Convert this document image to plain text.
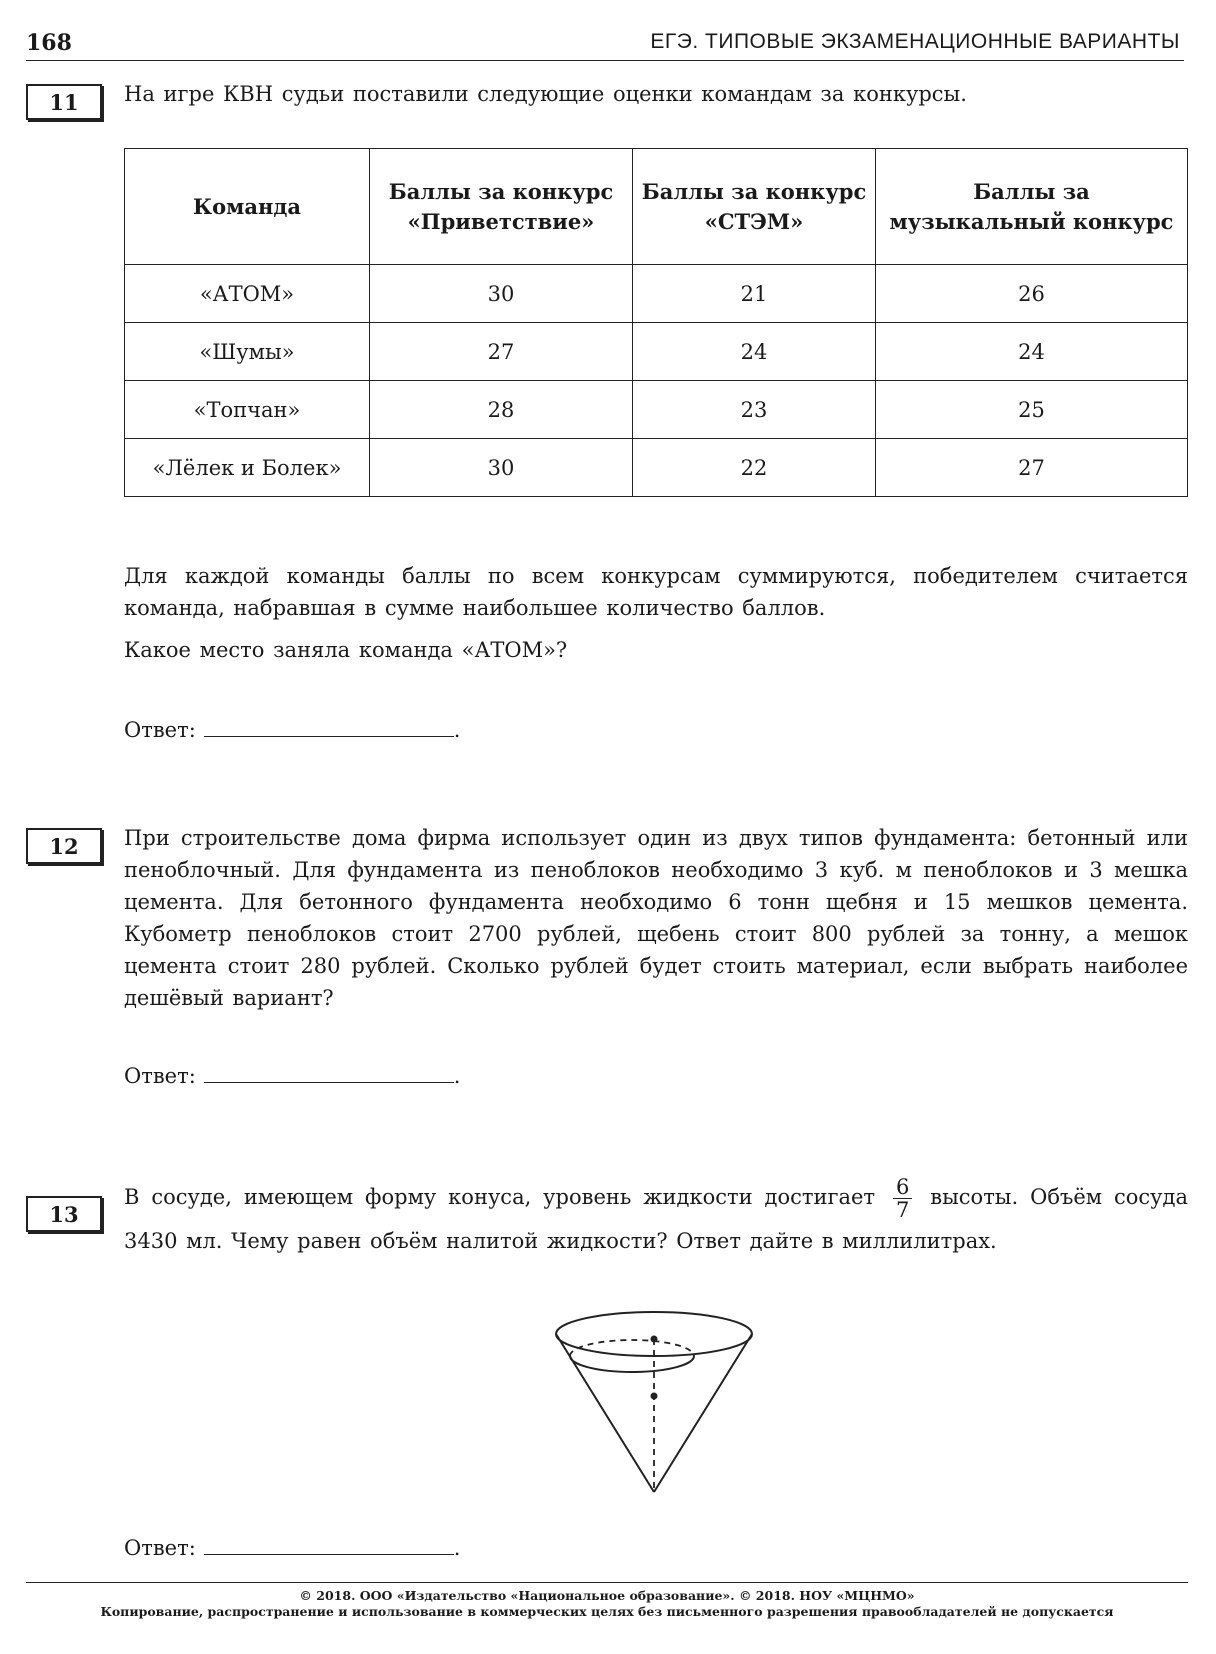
168	ЕГЭ. ТИПОВЫЕ ЭКЗАМЕНАЦИОННЫЕ ВАРИАНТЫ
11	На игре КВН судьи поставили следующие оценки командам за конкурсы.
Команда	Баллы за конкурс «Приветствие»	Баллы за конкурс «СТЭМ»	Баллы за музыкальный конкурс
«АТОМ»	30	21	26
«Шумы»	27	24	24
«Топчан»	28	23	25
«Лёлек и Болек»	30	22	27
Для каждой команды баллы по всем конкурсам суммируются, победителем считается команда, набравшая в сумме наибольшее количество баллов.
Какое место заняла команда «АТОМ»?
Ответ:	.
12	При строительстве дома фирма использует один из двух типов фундамента: бетонный или пеноблочный. Для фундамента из пеноблоков необходимо 3 куб. м пеноблоков и 3 мешка цемента. Для бетонного фундамента необходимо 6 тонн щебня и 15 мешков цемента. Кубометр пеноблоков стоит 2700 рублей, щебень стоит 800 рублей за тонну, а мешок цемента стоит 280 рублей. Сколько рублей будет стоить материал, если выбрать наиболее дешёвый вариант?
Ответ:	.
13
В сосуде, имеющем форму конуса, уровень жидкости достигает $\frac{6}{7}$ высоты. Объём сосуда 3430 мл. Чему равен объём налитой жидкости? Ответ дайте в миллилитрах.
Ответ:	.
© 2018. ООО «Издательство «Национальное образование». © 2018. НОУ «МЦНМО»
Копирование, распространение и использование в коммерческих целях без письменного разрешения правообладателей не допускается
